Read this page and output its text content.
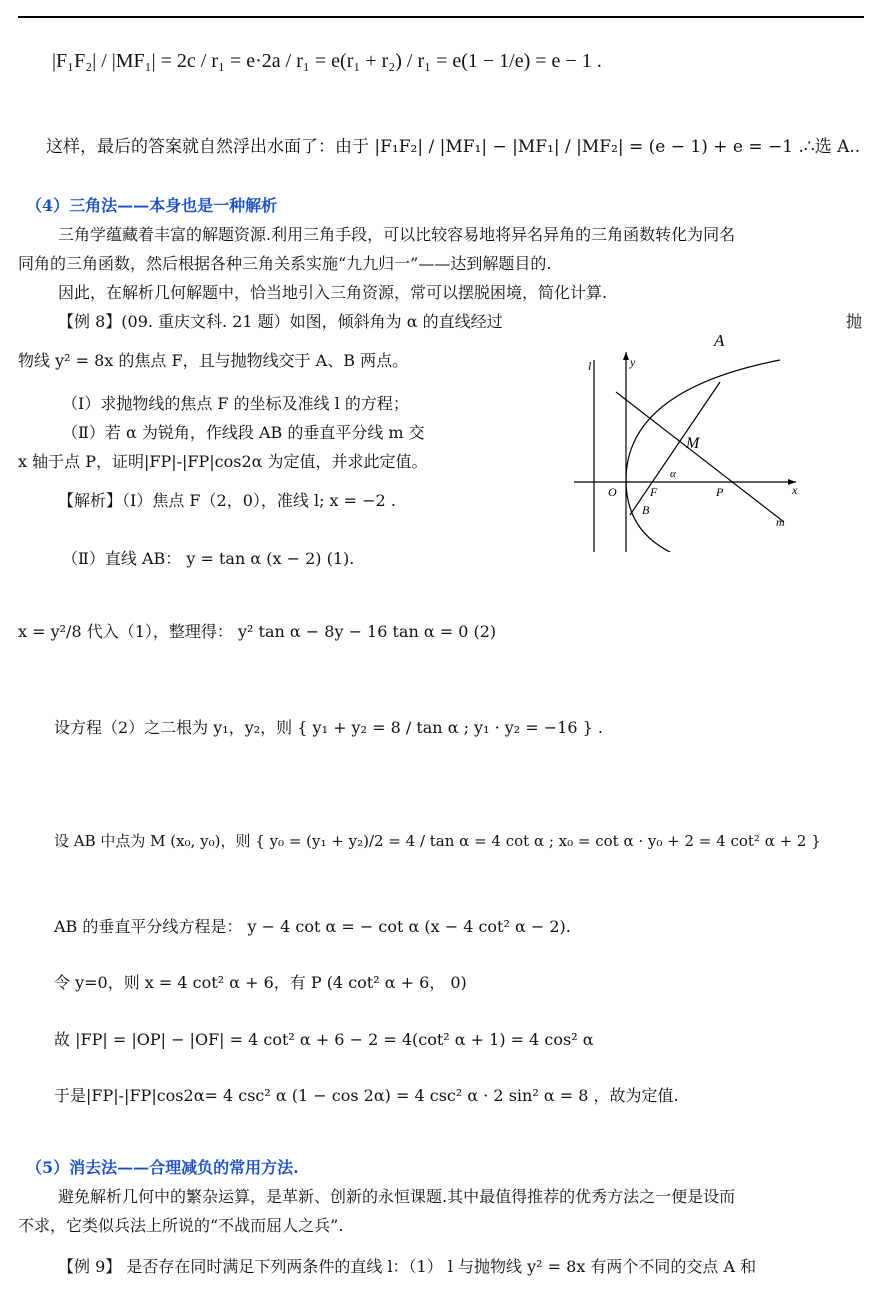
|F₁F₂| / |MF₁| = 2c / r₁ = e·2a / r₁ = e(r₁ + r₂) / r₁ = e(1 − 1/e) = e − 1 .
这样，最后的答案就自然浮出水面了：由于 |F₁F₂| / |MF₁| − |MF₁| / |MF₂| = (e − 1) + e = −1 .∴选 A..
（4）三角法——本身也是一种解析
三角学蕴藏着丰富的解题资源.利用三角手段，可以比较容易地将异名异角的三角函数转化为同名
同角的三角函数，然后根据各种三角关系实施“九九归一”——达到解题目的.
因此，在解析几何解题中，恰当地引入三角资源，常可以摆脱困境，简化计算.
【例 8】(09. 重庆文科. 21 题）如图，倾斜角为 α 的直线经过	抛
物线 y² = 8x 的焦点 F，且与抛物线交于 A、B 两点。
（Ⅰ）求抛物线的焦点 F 的坐标及准线 l 的方程；
（Ⅱ）若 α 为锐角，作线段 AB 的垂直平分线 m 交
x 轴于点 P，证明|FP|-|FP|cos2α 为定值，并求此定值。
【解析】（Ⅰ）焦点 F（2，0），准线 l; x = −2 .
（Ⅱ）直线 AB： y = tan α (x − 2) (1).
A
M
α
O	F	P	x
y
l
B
m
x = y²/8 代入（1），整理得： y² tan α − 8y − 16 tan α = 0 (2)
设方程（2）之二根为 y₁，y₂，则 { y₁ + y₂ = 8 / tan α ; y₁ · y₂ = −16 } .
设 AB 中点为 M (x₀, y₀)，则 { y₀ = (y₁ + y₂)/2 = 4 / tan α = 4 cot α ; x₀ = cot α · y₀ + 2 = 4 cot² α + 2 }
AB 的垂直平分线方程是： y − 4 cot α = − cot α (x − 4 cot² α − 2).
令 y=0，则 x = 4 cot² α + 6，有 P (4 cot² α + 6， 0)
故 |FP| = |OP| − |OF| = 4 cot² α + 6 − 2 = 4(cot² α + 1) = 4 cos² α
于是|FP|-|FP|cos2α= 4 csc² α (1 − cos 2α) = 4 csc² α · 2 sin² α = 8 ，故为定值.
（5）消去法——合理减负的常用方法.
避免解析几何中的繁杂运算，是革新、创新的永恒课题.其中最值得推荐的优秀方法之一便是设而
不求，它类似兵法上所说的“不战而屈人之兵”.
【例 9】 是否存在同时满足下列两条件的直线 l：（1） l 与抛物线 y² = 8x 有两个不同的交点 A 和
